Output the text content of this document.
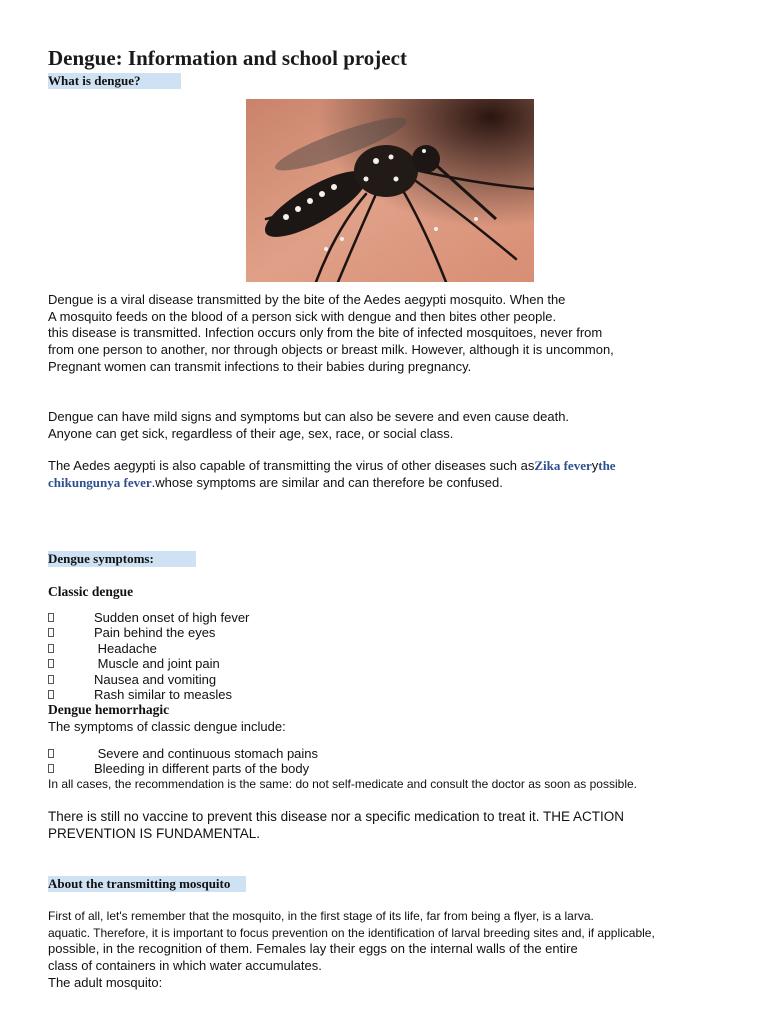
Dengue: Information and school project
What is dengue?
Dengue is a viral disease transmitted by the bite of the Aedes aegypti mosquito. When the
A mosquito feeds on the blood of a person sick with dengue and then bites other people.
this disease is transmitted. Infection occurs only from the bite of infected mosquitoes, never from
from one person to another, nor through objects or breast milk. However, although it is uncommon,
Pregnant women can transmit infections to their babies during pregnancy.
Dengue can have mild signs and symptoms but can also be severe and even cause death.
Anyone can get sick, regardless of their age, sex, race, or social class.
The Aedes aegypti is also capable of transmitting the virus of other diseases such asZika feverythe
chikungunya fever.whose symptoms are similar and can therefore be confused.
Dengue symptoms:
Classic dengue
Sudden onset of high fever
Pain behind the eyes
Headache
Muscle and joint pain
Nausea and vomiting
Rash similar to measles
Dengue hemorrhagic
The symptoms of classic dengue include:
Severe and continuous stomach pains
Bleeding in different parts of the body
In all cases, the recommendation is the same: do not self-medicate and consult the doctor as soon as possible.
There is still no vaccine to prevent this disease nor a specific medication to treat it. THE ACTION
PREVENTION IS FUNDAMENTAL.
About the transmitting mosquito
First of all, let's remember that the mosquito, in the first stage of its life, far from being a flyer, is a larva.
aquatic. Therefore, it is important to focus prevention on the identification of larval breeding sites and, if applicable,
possible, in the recognition of them. Females lay their eggs on the internal walls of the entire
class of containers in which water accumulates.
The adult mosquito:
